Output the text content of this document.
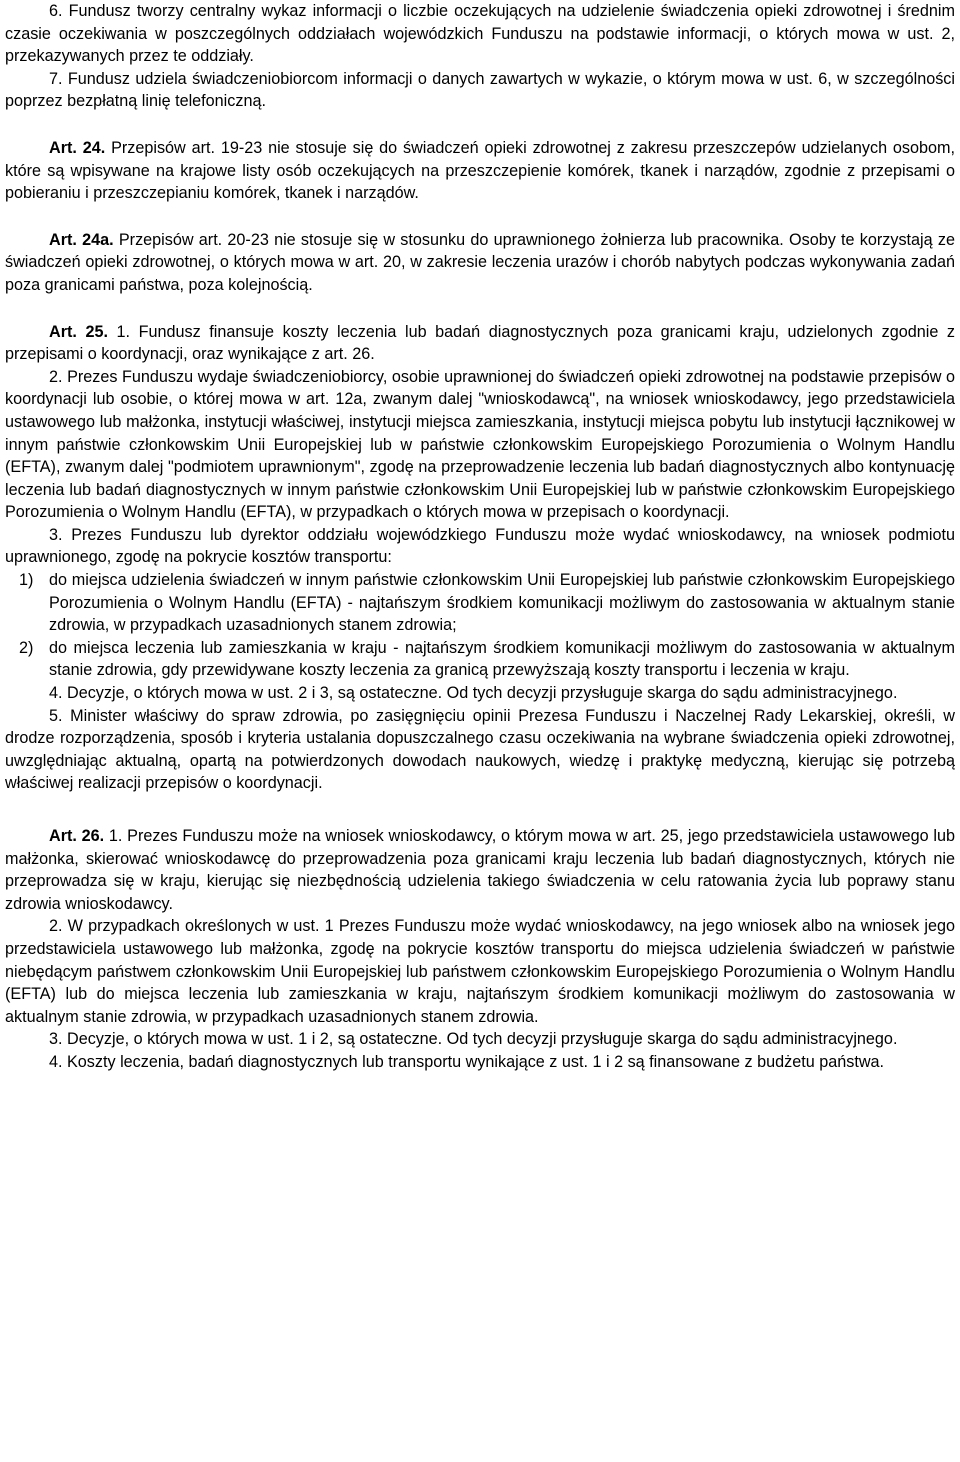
6. Fundusz tworzy centralny wykaz informacji o liczbie oczekujących na udzielenie świadczenia opieki zdrowotnej i średnim czasie oczekiwania w poszczególnych oddziałach wojewódzkich Funduszu na podstawie informacji, o których mowa w ust. 2, przekazywanych przez te oddziały.

7. Fundusz udziela świadczeniobiorcom informacji o danych zawartych w wykazie, o którym mowa w ust. 6, w szczególności poprzez bezpłatną linię telefoniczną.

Art. 24. Przepisów art. 19-23 nie stosuje się do świadczeń opieki zdrowotnej z zakresu przeszczepów udzielanych osobom, które są wpisywane na krajowe listy osób oczekujących na przeszczepienie komórek, tkanek i narządów, zgodnie z przepisami o pobieraniu i przeszczepianiu komórek, tkanek i narządów.

Art. 24a. Przepisów art. 20-23 nie stosuje się w stosunku do uprawnionego żołnierza lub pracownika. Osoby te korzystają ze świadczeń opieki zdrowotnej, o których mowa w art. 20, w zakresie leczenia urazów i chorób nabytych podczas wykonywania zadań poza granicami państwa, poza kolejnością.

Art. 25. 1. Fundusz finansuje koszty leczenia lub badań diagnostycznych poza granicami kraju, udzielonych zgodnie z przepisami o koordynacji, oraz wynikające z art. 26.

2. Prezes Funduszu wydaje świadczeniobiorcy, osobie uprawnionej do świadczeń opieki zdrowotnej na podstawie przepisów o koordynacji lub osobie, o której mowa w art. 12a, zwanym dalej "wnioskodawcą", na wniosek wnioskodawcy, jego przedstawiciela ustawowego lub małżonka, instytucji właściwej, instytucji miejsca zamieszkania, instytucji miejsca pobytu lub instytucji łącznikowej w innym państwie członkowskim Unii Europejskiej lub w państwie członkowskim Europejskiego Porozumienia o Wolnym Handlu (EFTA), zwanym dalej "podmiotem uprawnionym", zgodę na przeprowadzenie leczenia lub badań diagnostycznych albo kontynuację leczenia lub badań diagnostycznych w innym państwie członkowskim Unii Europejskiej lub w państwie członkowskim Europejskiego Porozumienia o Wolnym Handlu (EFTA), w przypadkach o których mowa w przepisach o koordynacji.

3. Prezes Funduszu lub dyrektor oddziału wojewódzkiego Funduszu może wydać wnioskodawcy, na wniosek podmiotu uprawnionego, zgodę na pokrycie kosztów transportu:

1) do miejsca udzielenia świadczeń w innym państwie członkowskim Unii Europejskiej lub państwie członkowskim Europejskiego Porozumienia o Wolnym Handlu (EFTA) - najtańszym środkiem komunikacji możliwym do zastosowania w aktualnym stanie zdrowia, w przypadkach uzasadnionych stanem zdrowia;
2) do miejsca leczenia lub zamieszkania w kraju - najtańszym środkiem komunikacji możliwym do zastosowania w aktualnym stanie zdrowia, gdy przewidywane koszty leczenia za granicą przewyższają koszty transportu i leczenia w kraju.

4. Decyzje, o których mowa w ust. 2 i 3, są ostateczne. Od tych decyzji przysługuje skarga do sądu administracyjnego.

5. Minister właściwy do spraw zdrowia, po zasięgnięciu opinii Prezesa Funduszu i Naczelnej Rady Lekarskiej, określi, w drodze rozporządzenia, sposób i kryteria ustalania dopuszczalnego czasu oczekiwania na wybrane świadczenia opieki zdrowotnej, uwzględniając aktualną, opartą na potwierdzonych dowodach naukowych, wiedzę i praktykę medyczną, kierując się potrzebą właściwej realizacji przepisów o koordynacji.

Art. 26. 1. Prezes Funduszu może na wniosek wnioskodawcy, o którym mowa w art. 25, jego przedstawiciela ustawowego lub małżonka, skierować wnioskodawcę do przeprowadzenia poza granicami kraju leczenia lub badań diagnostycznych, których nie przeprowadza się w kraju, kierując się niezbędnością udzielenia takiego świadczenia w celu ratowania życia lub poprawy stanu zdrowia wnioskodawcy.

2. W przypadkach określonych w ust. 1 Prezes Funduszu może wydać wnioskodawcy, na jego wniosek albo na wniosek jego przedstawiciela ustawowego lub małżonka, zgodę na pokrycie kosztów transportu do miejsca udzielenia świadczeń w państwie niebędącym państwem członkowskim Unii Europejskiej lub państwem członkowskim Europejskiego Porozumienia o Wolnym Handlu (EFTA) lub do miejsca leczenia lub zamieszkania w kraju, najtańszym środkiem komunikacji możliwym do zastosowania w aktualnym stanie zdrowia, w przypadkach uzasadnionych stanem zdrowia.

3. Decyzje, o których mowa w ust. 1 i 2, są ostateczne. Od tych decyzji przysługuje skarga do sądu administracyjnego.

4. Koszty leczenia, badań diagnostycznych lub transportu wynikające z ust. 1 i 2 są finansowane z budżetu państwa.
